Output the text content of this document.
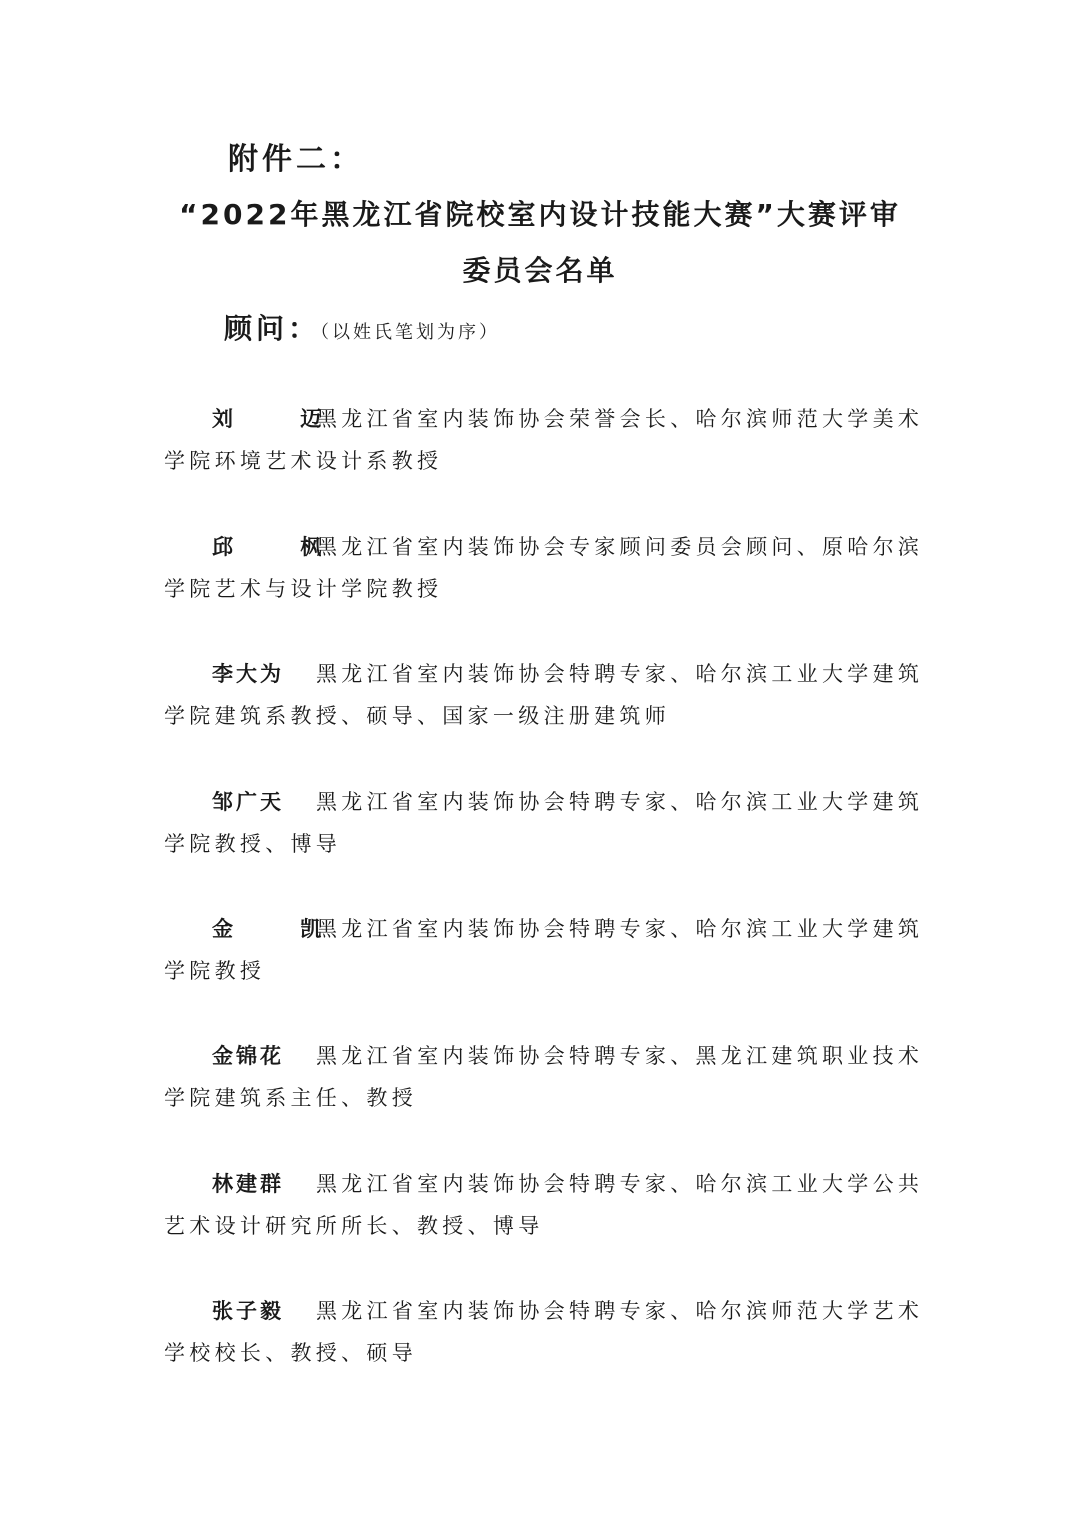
附件二：
“2022年黑龙江省院校室内设计技能大赛”大赛评审
委员会名单
顾问：（以姓氏笔划为序）
刘 迈黑龙江省室内装饰协会荣誉会长、哈尔滨师范大学美术
学院环境艺术设计系教授
邱 枫黑龙江省室内装饰协会专家顾问委员会顾问、原哈尔滨
学院艺术与设计学院教授
李大为 黑龙江省室内装饰协会特聘专家、哈尔滨工业大学建筑
学院建筑系教授、硕导、国家一级注册建筑师
邹广天 黑龙江省室内装饰协会特聘专家、哈尔滨工业大学建筑
学院教授、博导
金 凯黑龙江省室内装饰协会特聘专家、哈尔滨工业大学建筑
学院教授
金锦花 黑龙江省室内装饰协会特聘专家、黑龙江建筑职业技术
学院建筑系主任、教授
林建群 黑龙江省室内装饰协会特聘专家、哈尔滨工业大学公共
艺术设计研究所所长、教授、博导
张子毅 黑龙江省室内装饰协会特聘专家、哈尔滨师范大学艺术
学校校长、教授、硕导
